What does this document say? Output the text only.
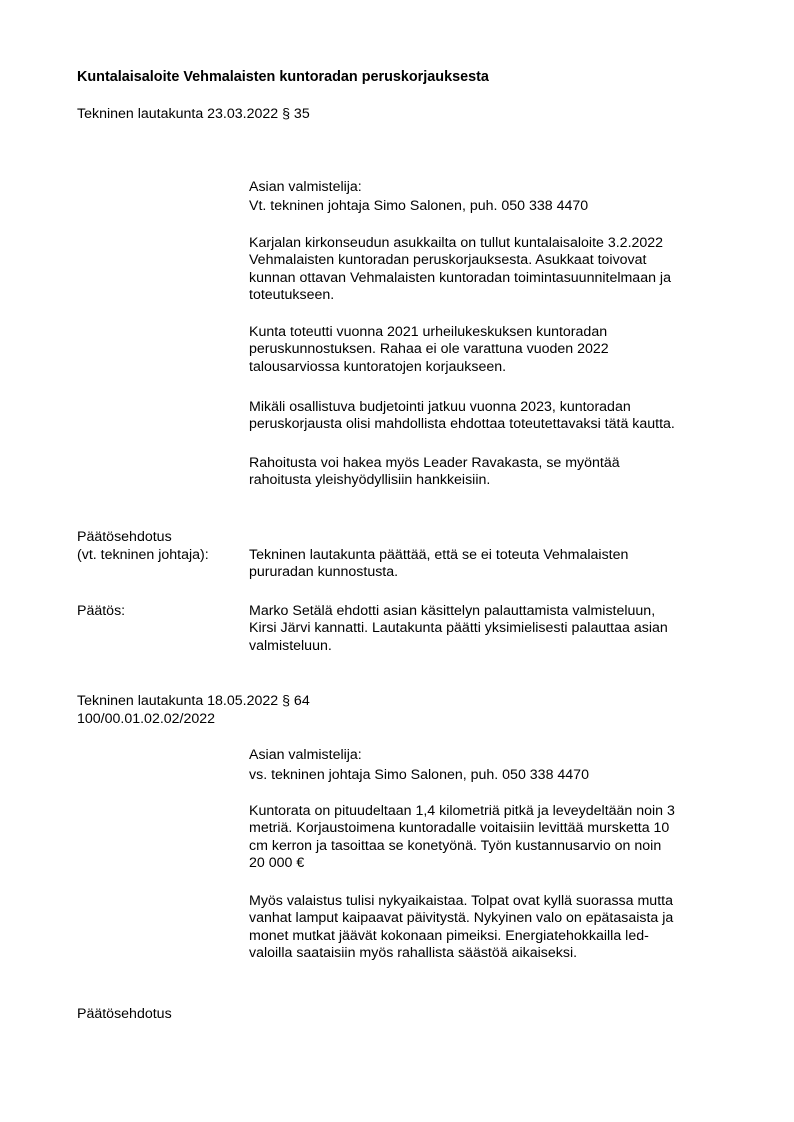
Kuntalaisaloite Vehmalaisten kuntoradan peruskorjauksesta
Tekninen lautakunta 23.03.2022 § 35
Asian valmistelija:
Vt. tekninen johtaja Simo Salonen, puh. 050 338 4470
Karjalan kirkonseudun asukkailta on tullut kuntalaisaloite 3.2.2022
Vehmalaisten kuntoradan peruskorjauksesta. Asukkaat toivovat
kunnan ottavan Vehmalaisten kuntoradan toimintasuunnitelmaan ja
toteutukseen.
Kunta toteutti vuonna 2021 urheilukeskuksen kuntoradan
peruskunnostuksen. Rahaa ei ole varattuna vuoden 2022
talousarviossa kuntoratojen korjaukseen.
Mikäli osallistuva budjetointi jatkuu vuonna 2023, kuntoradan
peruskorjausta olisi mahdollista ehdottaa toteutettavaksi tätä kautta.
Rahoitusta voi hakea myös Leader Ravakasta, se myöntää
rahoitusta yleishyödyllisiin hankkeisiin.
Päätösehdotus
(vt. tekninen johtaja):	Tekninen lautakunta päättää, että se ei toteuta Vehmalaisten
pururadan kunnostusta.
Päätös:	Marko Setälä ehdotti asian käsittelyn palauttamista valmisteluun,
Kirsi Järvi kannatti. Lautakunta päätti yksimielisesti palauttaa asian
valmisteluun.
Tekninen lautakunta 18.05.2022 § 64
100/00.01.02.02/2022
Asian valmistelija:
vs. tekninen johtaja Simo Salonen, puh. 050 338 4470
Kuntorata on pituudeltaan 1,4 kilometriä pitkä ja leveydeltään noin 3
metriä. Korjaustoimena kuntoradalle voitaisiin levittää mursketta 10
cm kerron ja tasoittaa se konetyönä. Työn kustannusarvio on noin
20 000 €
Myös valaistus tulisi nykyaikaistaa. Tolpat ovat kyllä suorassa mutta
vanhat lamput kaipaavat päivitystä. Nykyinen valo on epätasaista ja
monet mutkat jäävät kokonaan pimeiksi. Energiatehokkailla led-
valoilla saataisiin myös rahallista säästöä aikaiseksi.
Päätösehdotus
